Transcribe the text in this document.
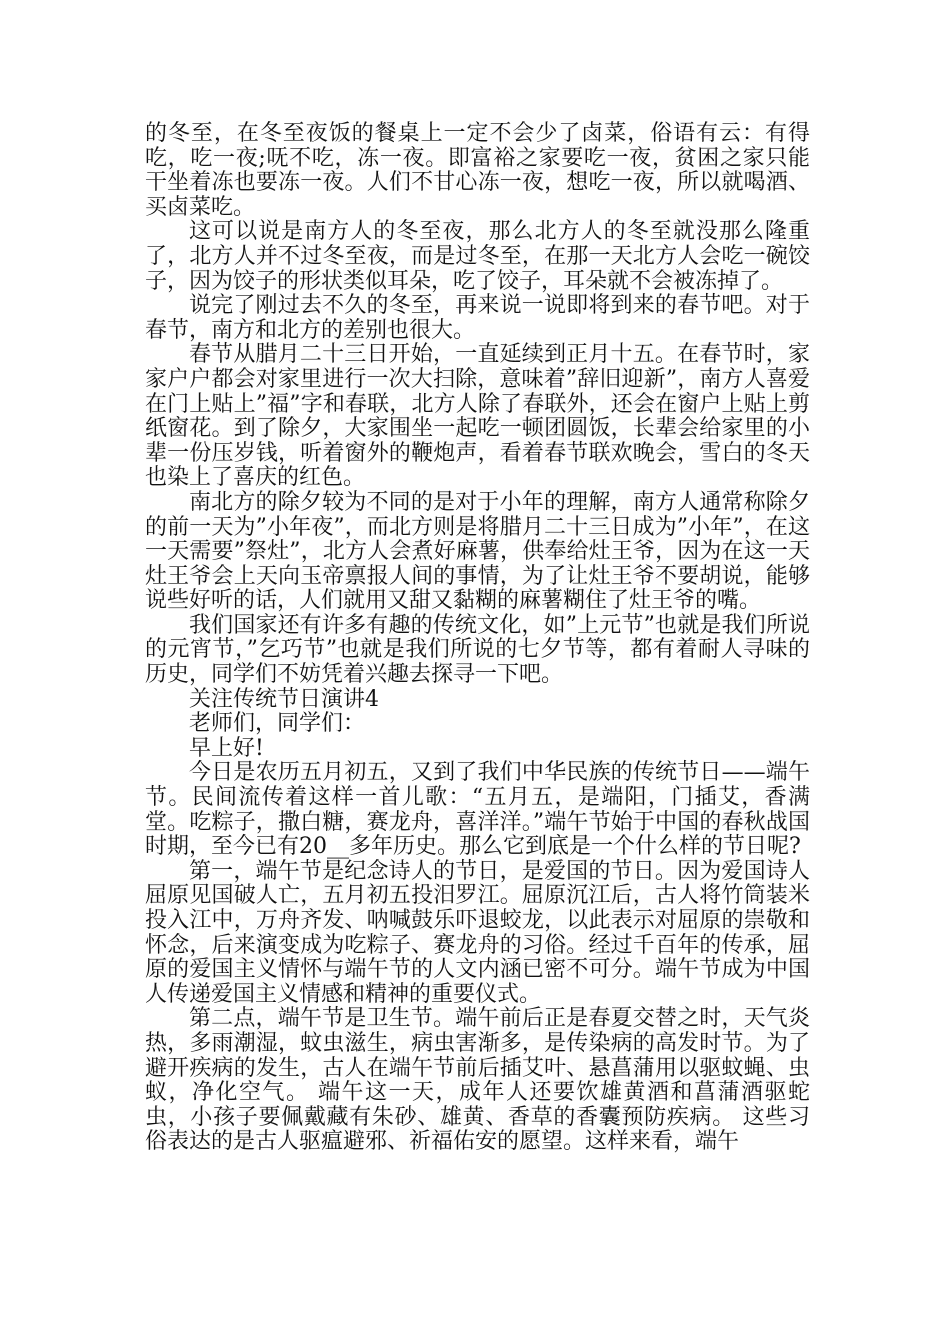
的冬至，在冬至夜饭的餐桌上一定不会少了卤菜，俗语有云：有得吃，吃一夜;呒不吃，冻一夜。即富裕之家要吃一夜，贫困之家只能干坐着冻也要冻一夜。人们不甘心冻一夜，想吃一夜，所以就喝酒、买卤菜吃。

这可以说是南方人的冬至夜，那么北方人的冬至就没那么隆重了，北方人并不过冬至夜，而是过冬至，在那一天北方人会吃一碗饺子，因为饺子的形状类似耳朵，吃了饺子，耳朵就不会被冻掉了。

说完了刚过去不久的冬至，再来说一说即将到来的春节吧。对于春节，南方和北方的差别也很大。

春节从腊月二十三日开始，一直延续到正月十五。在春节时，家家户户都会对家里进行一次大扫除，意味着”辞旧迎新”，南方人喜爱在门上贴上”福”字和春联，北方人除了春联外，还会在窗户上贴上剪纸窗花。到了除夕，大家围坐一起吃一顿团圆饭，长辈会给家里的小辈一份压岁钱，听着窗外的鞭炮声，看着春节联欢晚会，雪白的冬天也染上了喜庆的红色。

南北方的除夕较为不同的是对于小年的理解，南方人通常称除夕的前一天为”小年夜”，而北方则是将腊月二十三日成为”小年”，在这一天需要”祭灶”，北方人会煮好麻薯，供奉给灶王爷，因为在这一天灶王爷会上天向玉帝禀报人间的事情，为了让灶王爷不要胡说，能够说些好听的话，人们就用又甜又黏糊的麻薯糊住了灶王爷的嘴。

我们国家还有许多有趣的传统文化，如”上元节”也就是我们所说的元宵节，”乞巧节”也就是我们所说的七夕节等，都有着耐人寻味的历史，同学们不妨凭着兴趣去探寻一下吧。

关注传统节日演讲4

老师们，同学们：

早上好!

今日是农历五月初五，又到了我们中华民族的传统节日——端午节。民间流传着这样一首儿歌：“五月五，是端阳，门插艾，香满堂。吃粽子，撒白糖，赛龙舟，喜洋洋。”端午节始于中国的春秋战国时期，至今已有20__多年历史。那么它到底是一个什么样的节日呢?

第一，端午节是纪念诗人的节日，是爱国的节日。因为爱国诗人屈原见国破人亡，五月初五投汨罗江。屈原沉江后，古人将竹筒装米投入江中，万舟齐发、呐喊鼓乐吓退蛟龙，以此表示对屈原的崇敬和怀念，后来演变成为吃粽子、赛龙舟的习俗。经过千百年的传承，屈原的爱国主义情怀与端午节的人文内涵已密不可分。端午节成为中国人传递爱国主义情感和精神的重要仪式。

第二点，端午节是卫生节。端午前后正是春夏交替之时，天气炎热，多雨潮湿，蚊虫滋生，病虫害渐多，是传染病的高发时节。为了避开疾病的发生，古人在端午节前后插艾叶、悬菖蒲用以驱蚊蝇、虫蚁，净化空气。 端午这一天，成年人还要饮雄黄酒和菖蒲酒驱蛇虫，小孩子要佩戴藏有朱砂、雄黄、香草的香囊预防疾病。 这些习俗表达的是古人驱瘟避邪、祈福佑安的愿望。这样来看，端午
